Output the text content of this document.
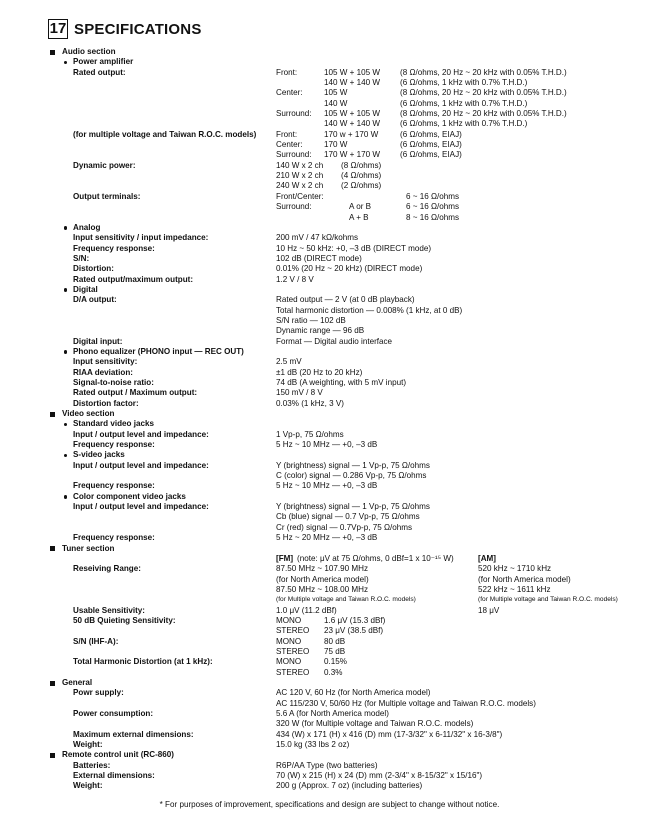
17 SPECIFICATIONS
Audio section
Power amplifier
Rated output:	Front:	105 W + 105 W (8 Ω/ohms, 20 Hz ~ 20 kHz with 0.05% T.H.D.)
140 W + 140 W (6 Ω/ohms, 1 kHz with 0.7% T.H.D.)
Center:	105 W	(8 Ω/ohms, 20 Hz ~ 20 kHz with 0.05% T.H.D.)
140 W	(6 Ω/ohms, 1 kHz with 0.7% T.H.D.)
Surround: 105 W + 105 W (8 Ω/ohms, 20 Hz ~ 20 kHz with 0.05% T.H.D.)
140 W + 140 W (6 Ω/ohms, 1 kHz with 0.7% T.H.D.)
(for multiple voltage and Taiwan R.O.C. models) Front:	170 w + 170 W	(6 Ω/ohms, EIAJ)
Center:	170 W	(6 Ω/ohms, EIAJ)
Surround: 170 W + 170 W (6 Ω/ohms, EIAJ)
Dynamic power:	140 W x 2 ch (8 Ω/ohms)
210 W x 2 ch (4 Ω/ohms)
240 W x 2 ch (2 Ω/ohms)
Output terminals:	Front/Center:	6 ~ 16 Ω/ohms
Surround:	A or B	6 ~ 16 Ω/ohms
A + B	8 ~ 16 Ω/ohms
Analog
Input sensitivity / input impedance:	200 mV / 47 kΩ/kohms
Frequency response:	10 Hz ~ 50 kHz: +0, –3 dB (DIRECT mode)
S/N:	102 dB (DIRECT mode)
Distortion:	0.01% (20 Hz ~ 20 kHz) (DIRECT mode)
Rated output/maximum output:	1.2 V / 8 V
Digital
D/A output:	Rated output — 2 V (at 0 dB playback)
Total harmonic distortion — 0.008% (1 kHz, at 0 dB)
S/N ratio — 102 dB
Dynamic range — 96 dB
Digital input:	Format — Digital audio interface
Phono equalizer (PHONO input — REC OUT)
Input sensitivity:	2.5 mV
RIAA deviation:	±1 dB (20 Hz to 20 kHz)
Signal-to-noise ratio:	74 dB (A weighting, with 5 mV input)
Rated output / Maximum output:	150 mV / 8 V
Distortion factor:	0.03% (1 kHz, 3 V)
Video section
Standard video jacks
Input / output level and impedance:	1 Vp-p, 75 Ω/ohms
Frequency response:	5 Hz ~ 10 MHz — +0, –3 dB
S-video jacks
Input / output level and impedance:	Y (brightness) signal — 1 Vp-p, 75 Ω/ohms
C (color) signal — 0.286 Vp-p, 75 Ω/ohms
Frequency response:	5 Hz ~ 10 MHz — +0, –3 dB
Color component video jacks
Input / output level and impedance:	Y (brightness) signal — 1 Vp-p, 75 Ω/ohms
Cb (blue) signal — 0.7 Vp-p, 75 Ω/ohms
Cr (red) signal — 0.7Vp-p, 75 Ω/ohms
Frequency response:	5 Hz ~ 20 MHz — +0, –3 dB
Tuner section
[FM] (note: μV at 75 Ω/ohms, 0 dBf=1 x 10⁻¹⁵ W)	[AM]
Reseiving Range:	87.50 MHz ~ 107.90 MHz	520 kHz ~ 1710 kHz
(for North America model)	(for North America model)
87.50 MHz ~ 108.00 MHz	522 kHz ~ 1611 kHz
(for Multiple voltage and Taiwan R.O.C. models)	(for Multiple voltage and Taiwan R.O.C. models)
Usable Sensitivity:	1.0 μV (11.2 dBf)	18 μV
50 dB Quieting Sensitivity:	MONO	1.6 μV (15.3 dBf)
STEREO 23 μV (38.5 dBf)
S/N (IHF-A):	MONO	80 dB
STEREO 75 dB
Total Harmonic Distortion (at 1 kHz):	MONO	0.15%
STEREO 0.3%
General
Powr supply:	AC 120 V, 60 Hz (for North America model)
AC 115/230 V, 50/60 Hz (for Multiple voltage and Taiwan R.O.C. models)
Power consumption:	5.6 A (for North America model)
320 W (for Multiple voltage and Taiwan R.O.C. models)
Maximum external dimensions:	434 (W) x 171 (H) x 416 (D) mm (17-3/32" x 6-11/32" x 16-3/8")
Weight:	15.0 kg (33 lbs 2 oz)
Remote control unit (RC-860)
Batteries:	R6P/AA Type (two batteries)
External dimensions:	70 (W) x 215 (H) x 24 (D) mm (2-3/4" x 8-15/32" x 15/16")
Weight:	200 g (Approx. 7 oz) (including batteries)
* For purposes of improvement, specifications and design are subject to change without notice.
